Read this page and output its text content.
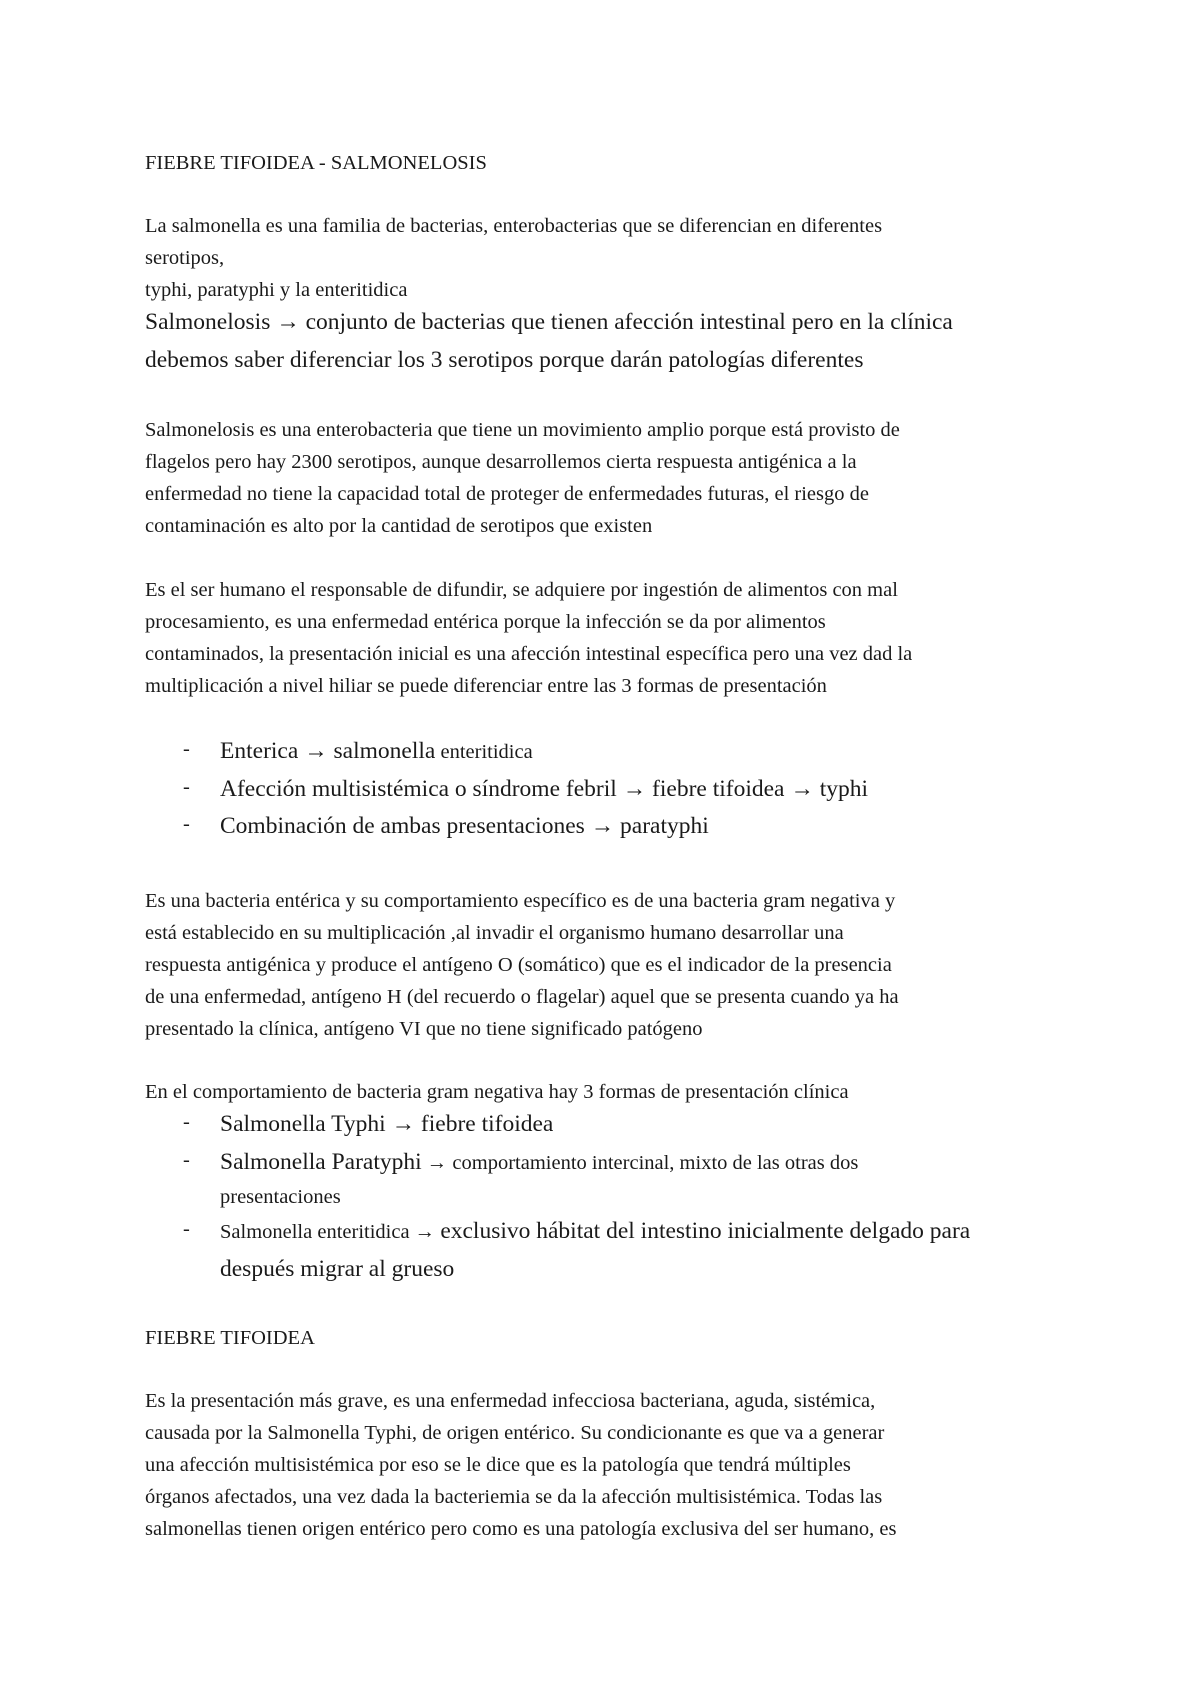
FIEBRE TIFOIDEA - SALMONELOSIS

La salmonella es una familia de bacterias, enterobacterias que se diferencian en diferentes
serotipos,
typhi, paratyphi y la enteritidica
Salmonelosis → conjunto de bacterias que tienen afección intestinal pero en la clínica
debemos saber diferenciar los 3 serotipos porque darán patologías diferentes
Salmonelosis es una enterobacteria que tiene un movimiento amplio porque está provisto de
flagelos pero hay 2300 serotipos, aunque desarrollemos cierta respuesta antigénica a la
enfermedad no tiene la capacidad total de proteger de enfermedades futuras, el riesgo de
contaminación es alto por la cantidad de serotipos que existen
Es el ser humano el responsable de difundir, se adquiere por ingestión de alimentos con mal
procesamiento, es una enfermedad entérica porque la infección se da por alimentos
contaminados, la presentación inicial es una afección intestinal específica pero una vez dad la
multiplicación a nivel hiliar se puede diferenciar entre las 3 formas de presentación
- Enterica → salmonella enteritidica
- Afección multisistémica o síndrome febril → fiebre tifoidea → typhi
- Combinación de ambas presentaciones → paratyphi
Es una bacteria entérica y su comportamiento específico es de una bacteria gram negativa y
está establecido en su multiplicación ,al invadir el organismo humano desarrollar una
respuesta antigénica y produce el antígeno O (somático) que es el indicador de la presencia
de una enfermedad, antígeno H (del recuerdo o flagelar) aquel que se presenta cuando ya ha
presentado la clínica, antígeno VI que no tiene significado patógeno

En el comportamiento de bacteria gram negativa hay 3 formas de presentación clínica

- Salmonella Typhi → fiebre tifoidea
- Salmonella Paratyphi → comportamiento intercinal, mixto de las otras dos
presentaciones
- Salmonella enteritidica → exclusivo hábitat del intestino inicialmente delgado para
después migrar al grueso

FIEBRE TIFOIDEA

Es la presentación más grave, es una enfermedad infecciosa bacteriana, aguda, sistémica,
causada por la Salmonella Typhi, de origen entérico. Su condicionante es que va a generar
una afección multisistémica por eso se le dice que es la patología que tendrá múltiples
órganos afectados, una vez dada la bacteriemia se da la afección multisistémica. Todas las
salmonellas tienen origen entérico pero como es una patología exclusiva del ser humano, es
